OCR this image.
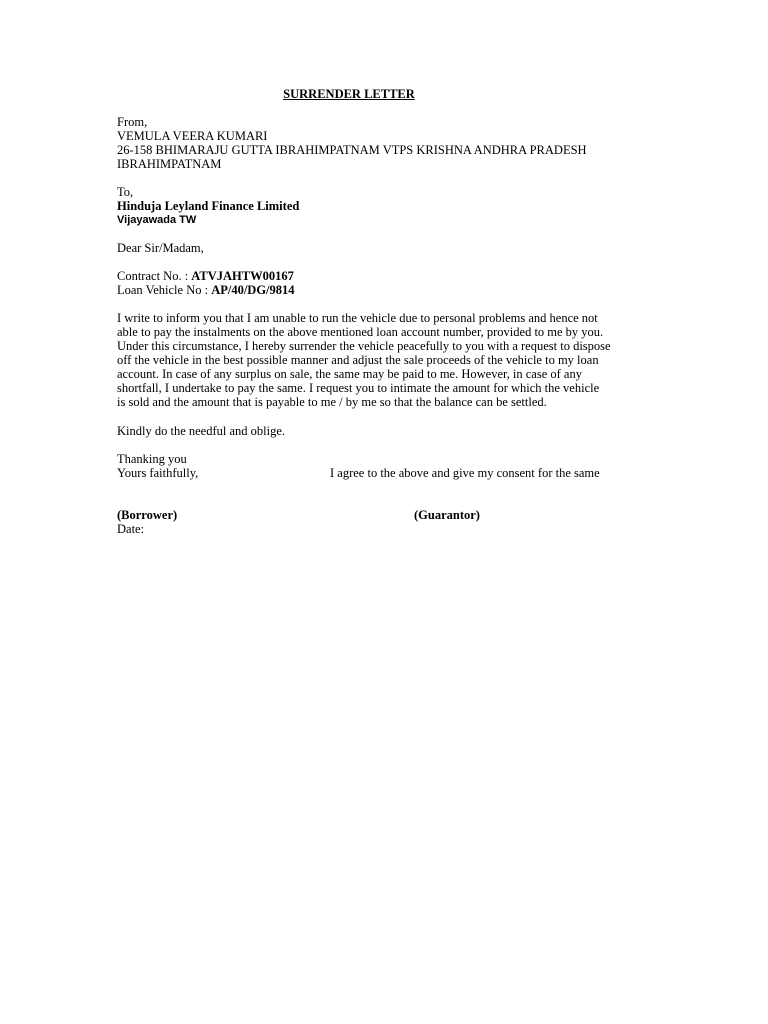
SURRENDER LETTER
From,
VEMULA VEERA KUMARI
26-158 BHIMARAJU GUTTA IBRAHIMPATNAM VTPS KRISHNA ANDHRA PRADESH
IBRAHIMPATNAM
To,
Hinduja Leyland Finance Limited
Vijayawada TW
Dear Sir/Madam,
Contract No. : ATVJAHTW00167
Loan Vehicle No : AP/40/DG/9814
I write to inform you that I am unable to run the vehicle due to personal problems and hence not
able to pay the instalments on the above mentioned loan account number, provided to me by you.
Under this circumstance, I hereby surrender the vehicle peacefully to you with a request to dispose
off the vehicle in the best possible manner and adjust the sale proceeds of the vehicle to my loan
account. In case of any surplus on sale, the same may be paid to me. However, in case of any
shortfall, I undertake to pay the same. I request you to intimate the amount for which the vehicle
is sold and the amount that is payable to me / by me so that the balance can be settled.
Kindly do the needful and oblige.
Thanking you
Yours faithfully,	I agree to the above and give my consent for the same
(Borrower)
Date:
(Guarantor)
